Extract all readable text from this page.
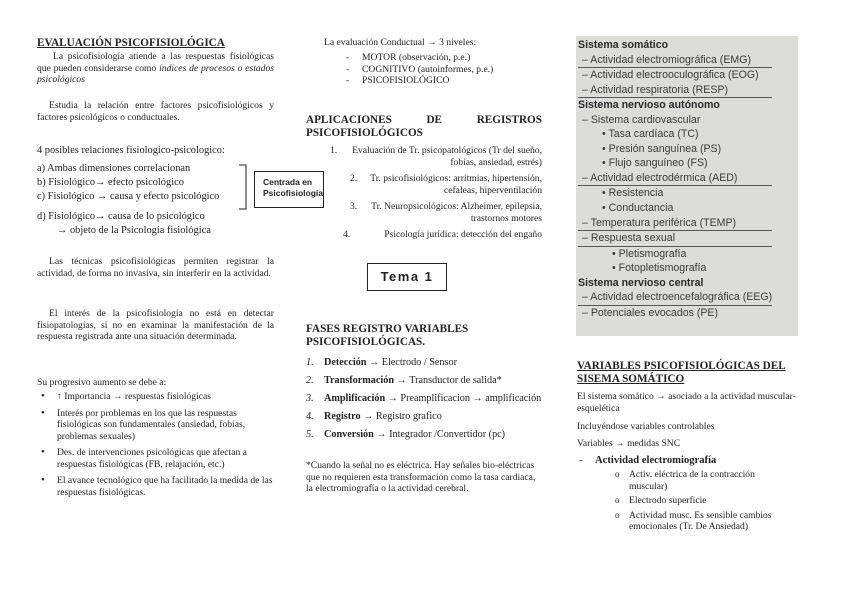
EVALUACIÓN PSICOFISIOLÓGICA
La psicofisiología atiende a las respuestas fisiológicas que pueden considerarse como índices de procesos o estados psicológicos
Estudia la relación entre factores psicofisiológicos y factores psicológicos o conductuales.
4 posibles relaciones fisiologico-psicologico:
a) Ambas dimensiones correlacionan
b) Fisiológico→ efecto psicológico
c) Fisiológico → causa y efecto psicológico
d) Fisiológico→ causa de lo psicológico
→ objeto de la Psicología fisiológica
Centrada en Psicofisiología
Las técnicas psicofisiológicas permiten registrar la actividad, de forma no invasiva, sin interferir en la actividad.
El interés de la psicofisiología no está en detectar fisiopatologías, si no en examinar la manifestación de la respuesta registrada ante una situación determinada.
Su progresivo aumento se debe a:
• ↑ Importancia → respuestas fisiológicas
• Interés por problemas en los que las respuestas fisiológicas son fundamentales (ansiedad, fobias, problemas sexuales)
• Des. de intervenciones psicológicas que afectan a respuestas fisiológicas (FB, relajación, etc.)
• El avance tecnológico que ha facilitado la medida de las respuestas fisiológicas.
La evaluación Conductual → 3 niveles:
- MOTOR (observación, p.e.)
- COGNITIVO (autoinformes, p.e.)
- PSICOFISIOLÓGICO
APLICACIONES DE REGISTROS PSICOFISIOLÓGICOS
1.	Evaluación de Tr. psicopatológicos (Tr del sueño, fobias, ansiedad, estrés)
2.	Tr. psicofisiológicos: arritmias, hipertensión, cefaleas, hiperventilación
3.	Tr. Neuropsicológicos: Alzheimer, epilepsia, trastornos motores
4.	Psicología jurídica: detección del engaño
Tema 1
FASES REGISTRO VARIABLES PSICOFISIOLÓGICAS.
1.	Detección → Electrodo / Sensor
2.	Transformación → Transductor de salida*
3.	Amplificación → Preamplificacion → amplificación
4.	Registro → Registro grafico
5.	Conversión → Integrador /Convertidor (pc)
*Cuando la señal no es eléctrica. Hay señales bio-eléctricas que no requieren esta transformación como la tasa cardiaca, la electromiografía o la actividad cerebral.
Sistema somático
– Actividad electromiográfica (EMG)
– Actividad electrooculográfica (EOG)
– Actividad respiratoria (RESP)
Sistema nervioso autónomo
– Sistema cardiovascular
• Tasa cardíaca (TC)
• Presión sanguínea (PS)
• Flujo sanguíneo (FS)
– Actividad electrodérmica (AED)
• Resistencia
• Conductancia
– Temperatura periférica (TEMP)
– Respuesta sexual
• Pletismografía
• Fotopletismografía
Sistema nervioso central
– Actividad electroencefalográfica (EEG)
– Potenciales evocados (PE)
VARIABLES PSICOFISIOLÓGICAS DEL SISEMA SOMÁTICO
El sistema somático → asociado a la actividad muscular-esquelética
Incluyéndose variables controlables
Variables → medidas SNC
- Actividad electromiografía
o Activ. eléctrica de la contracción muscular)
o Electrodo superficie
o Actividad musc. Es sensible cambios emocionales (Tr. De Ansiedad)
